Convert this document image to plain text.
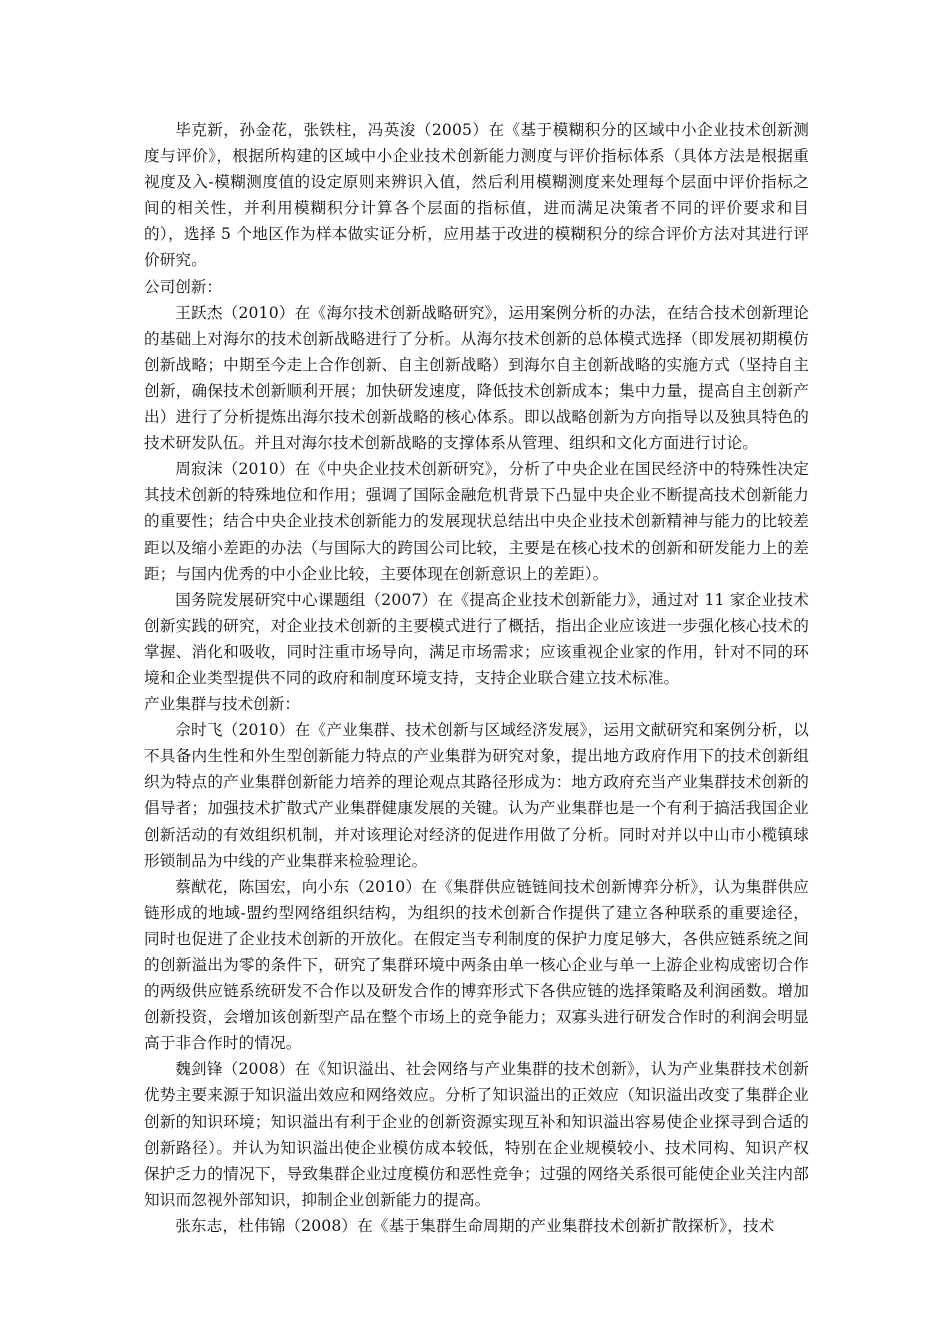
毕克新，孙金花，张铁柱，冯英浚（2005）在《基于模糊积分的区域中小企业技术创新测度与评价》，根据所构建的区域中小企业技术创新能力测度与评价指标体系（具体方法是根据重视度及入-模糊测度值的设定原则来辨识入值，然后利用模糊测度来处理每个层面中评价指标之间的相关性，并利用模糊积分计算各个层面的指标值，进而满足决策者不同的评价要求和目的），选择 5 个地区作为样本做实证分析，应用基于改进的模糊积分的综合评价方法对其进行评价研究。

公司创新：

王跃杰（2010）在《海尔技术创新战略研究》，运用案例分析的办法，在结合技术创新理论的基础上对海尔的技术创新战略进行了分析。从海尔技术创新的总体模式选择（即发展初期模仿创新战略；中期至今走上合作创新、自主创新战略）到海尔自主创新战略的实施方式（坚持自主创新，确保技术创新顺利开展；加快研发速度，降低技术创新成本；集中力量，提高自主创新产出）进行了分析提炼出海尔技术创新战略的核心体系。即以战略创新为方向指导以及独具特色的技术研发队伍。并且对海尔技术创新战略的支撑体系从管理、组织和文化方面进行讨论。

周寂沫（2010）在《中央企业技术创新研究》，分析了中央企业在国民经济中的特殊性决定其技术创新的特殊地位和作用；强调了国际金融危机背景下凸显中央企业不断提高技术创新能力的重要性；结合中央企业技术创新能力的发展现状总结出中央企业技术创新精神与能力的比较差距以及缩小差距的办法（与国际大的跨国公司比较，主要是在核心技术的创新和研发能力上的差距；与国内优秀的中小企业比较，主要体现在创新意识上的差距）。

国务院发展研究中心课题组（2007）在《提高企业技术创新能力》，通过对 11 家企业技术创新实践的研究，对企业技术创新的主要模式进行了概括，指出企业应该进一步强化核心技术的掌握、消化和吸收，同时注重市场导向，满足市场需求；应该重视企业家的作用，针对不同的环境和企业类型提供不同的政府和制度环境支持，支持企业联合建立技术标准。

产业集群与技术创新：

佘时飞（2010）在《产业集群、技术创新与区域经济发展》，运用文献研究和案例分析，以不具备内生性和外生型创新能力特点的产业集群为研究对象，提出地方政府作用下的技术创新组织为特点的产业集群创新能力培养的理论观点其路径形成为：地方政府充当产业集群技术创新的倡导者；加强技术扩散式产业集群健康发展的关键。认为产业集群也是一个有利于搞活我国企业创新活动的有效组织机制，并对该理论对经济的促进作用做了分析。同时对并以中山市小榄镇球形锁制品为中线的产业集群来检验理论。

蔡猷花，陈国宏，向小东（2010）在《集群供应链链间技术创新博弈分析》，认为集群供应链形成的地域-盟约型网络组织结构，为组织的技术创新合作提供了建立各种联系的重要途径，同时也促进了企业技术创新的开放化。在假定当专利制度的保护力度足够大，各供应链系统之间的创新溢出为零的条件下，研究了集群环境中两条由单一核心企业与单一上游企业构成密切合作的两级供应链系统研发不合作以及研发合作的博弈形式下各供应链的选择策略及利润函数。增加创新投资，会增加该创新型产品在整个市场上的竞争能力；双寡头进行研发合作时的利润会明显高于非合作时的情况。

魏剑锋（2008）在《知识溢出、社会网络与产业集群的技术创新》，认为产业集群技术创新优势主要来源于知识溢出效应和网络效应。分析了知识溢出的正效应（知识溢出改变了集群企业创新的知识环境；知识溢出有利于企业的创新资源实现互补和知识溢出容易使企业探寻到合适的创新路径）。并认为知识溢出使企业模仿成本较低，特别在企业规模较小、技术同构、知识产权保护乏力的情况下，导致集群企业过度模仿和恶性竞争；过强的网络关系很可能使企业关注内部知识而忽视外部知识，抑制企业创新能力的提高。

张东志，杜伟锦（2008）在《基于集群生命周期的产业集群技术创新扩散探析》，技术
